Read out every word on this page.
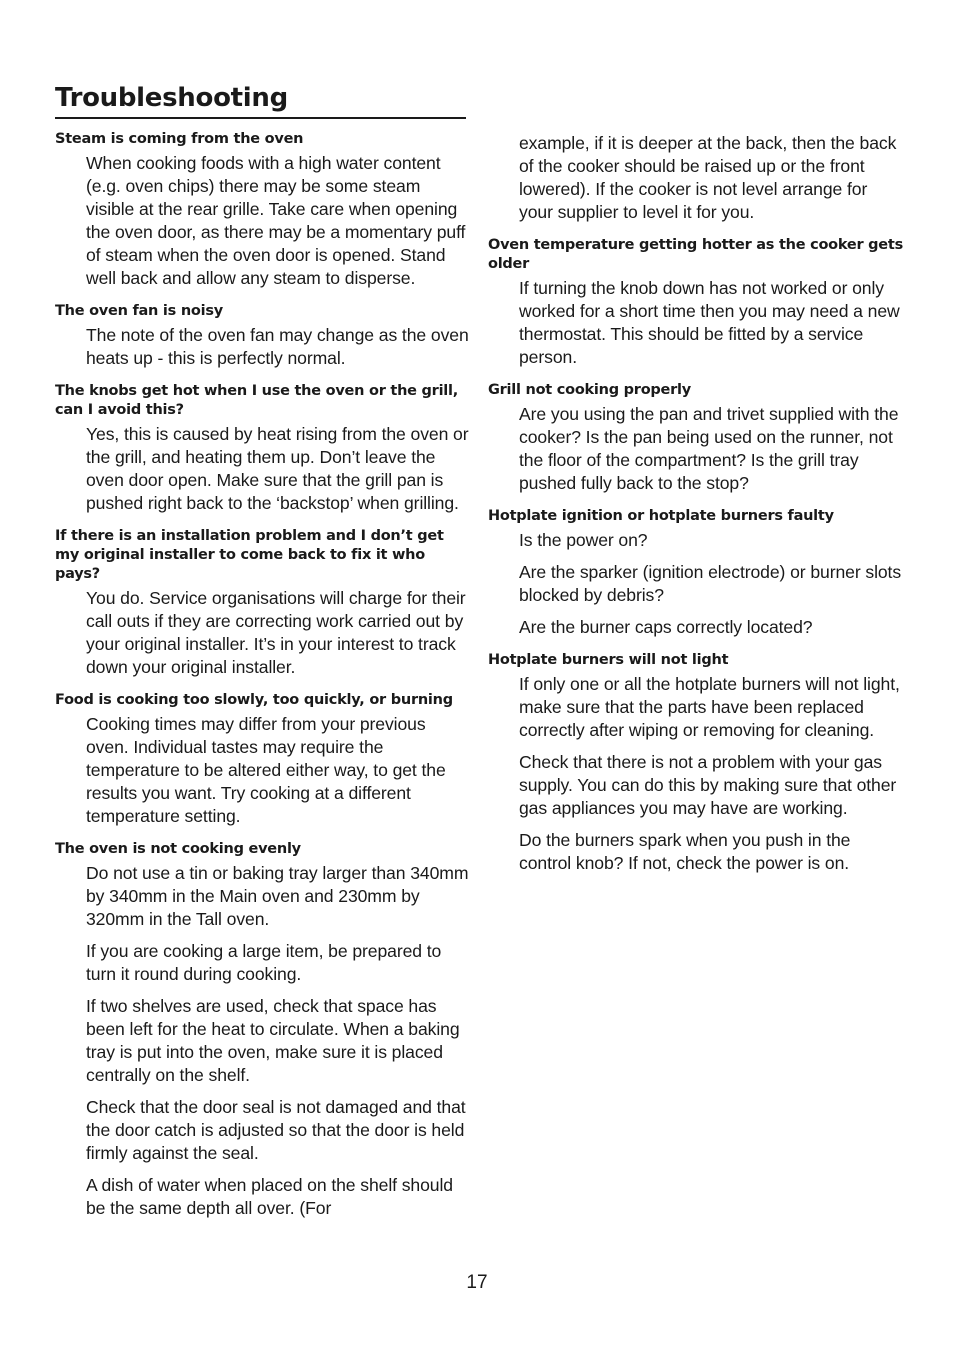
Troubleshooting

Steam is coming from the oven

When cooking foods with a high water content (e.g. oven chips) there may be some steam visible at the rear grille. Take care when opening the oven door, as there may be a momentary puff of steam when the oven door is opened. Stand well back and allow any steam to disperse.

The oven fan is noisy

The note of the oven fan may change as the oven heats up - this is perfectly normal.

The knobs get hot when I use the oven or the grill, can I avoid this?

Yes, this is caused by heat rising from the oven or the grill, and heating them up. Don’t leave the oven door open. Make sure that the grill pan is pushed right back to the ‘backstop’ when grilling.

If there is an installation problem and I don’t get my original installer to come back to fix it who pays?

You do. Service organisations will charge for their call outs if they are correcting work carried out by your original installer. It’s in your interest to track down your original installer.

Food is cooking too slowly, too quickly, or burning

Cooking times may differ from your previous oven. Individual tastes may require the temperature to be altered either way, to get the results you want. Try cooking at a different temperature setting.

The oven is not cooking evenly

Do not use a tin or baking tray larger than 340mm by 340mm in the Main oven and 230mm by 320mm in the Tall oven.

If you are cooking a large item, be prepared to turn it round during cooking.

If two shelves are used, check that space has been left for the heat to circulate. When a baking tray is put into the oven, make sure it is placed centrally on the shelf.

Check that the door seal is not damaged and that the door catch is adjusted so that the door is held firmly against the seal.

A dish of water when placed on the shelf should be the same depth all over. (For

example, if it is deeper at the back, then the back of the cooker should be raised up or the front lowered). If the cooker is not level arrange for your supplier to level it for you.

Oven temperature getting hotter as the cooker gets older

If turning the knob down has not worked or only worked for a short time then you may need a new thermostat. This should be fitted by a service person.

Grill not cooking properly

Are you using the pan and trivet supplied with the cooker? Is the pan being used on the runner, not the floor of the compartment? Is the grill tray pushed fully back to the stop?

Hotplate ignition or hotplate burners faulty

Is the power on?

Are the sparker (ignition electrode) or burner slots blocked by debris?

Are the burner caps correctly located?

Hotplate burners will not light

If only one or all the hotplate burners will not light, make sure that the parts have been replaced correctly after wiping or removing for cleaning.

Check that there is not a problem with your gas supply. You can do this by making sure that other gas appliances you may have are working.

Do the burners spark when you push in the control knob? If not, check the power is on.

17
